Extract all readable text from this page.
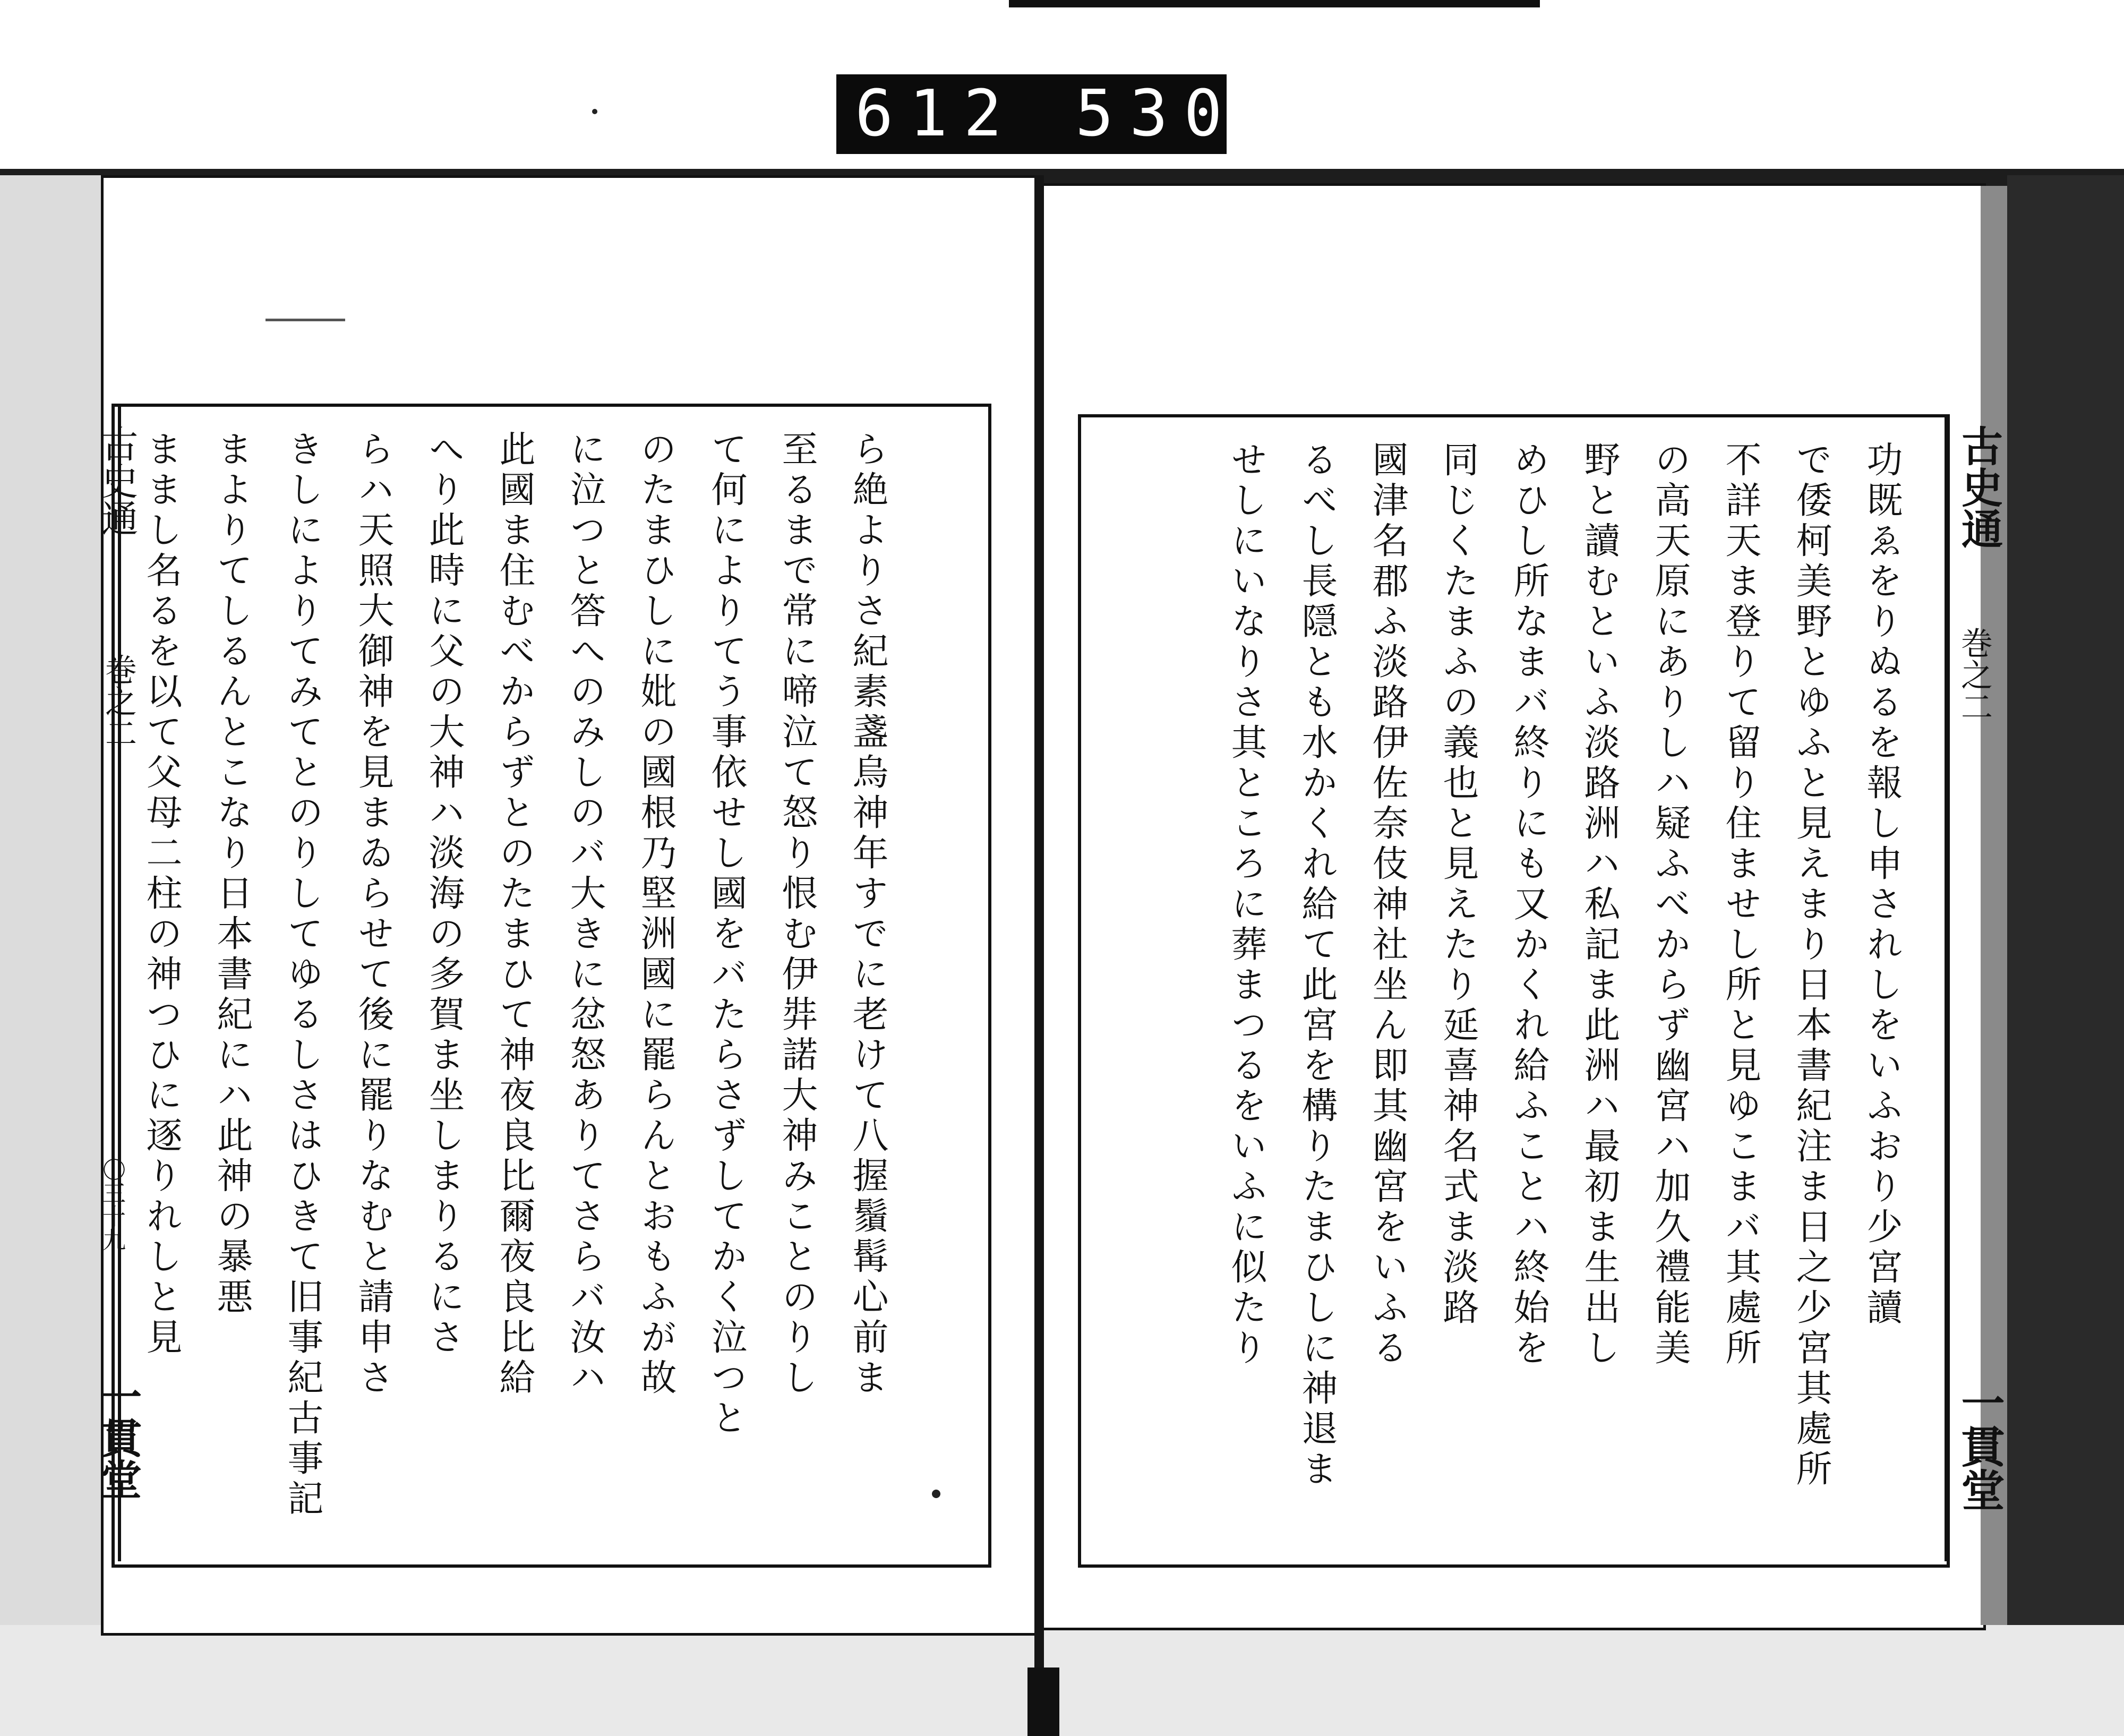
612 530.
古史通
巻之二
〇三十九
一貫堂
古史通
巻之二
一貫堂
ら絶よりさ紀素盞烏神年すでに老けて八握鬚髯心前ま
至るまで常に啼泣て怒り恨む伊弉諾大神みことのりし
て何によりてう事依せし國をバたらさずしてかく泣つと
のたまひしに妣の國根乃堅洲國に罷らんとおもふが故
に泣つと答へのみしのバ大きに忿怒ありてさらバ汝ハ
此國ま住むべからずとのたまひて神夜良比爾夜良比給
へり此時に父の大神ハ淡海の多賀ま坐しまりるにさ
らハ天照大御神を見まゐらせて後に罷りなむと請申さ
きしによりてみてとのりしてゆるしさはひきて旧事紀古事記
まよりてしるんとこなり日本書紀にハ此神の暴悪
ままし名るを以て父母二柱の神つひに逐りれしと見	功既ゑをりぬるを報し申されしをいふおり少宮讀
で倭柯美野とゆふと見えまり日本書紀注ま日之少宮其處所
不詳天ま登りて留り住ませし所と見ゆこまバ其處所
の高天原にありしハ疑ふべからず幽宮ハ加久禮能美
野と讀むといふ淡路洲ハ私記ま此洲ハ最初ま生出し
めひし所なまバ終りにも又かくれ給ふことハ終始を
同じくたまふの義也と見えたり延喜神名式ま淡路
國津名郡ふ淡路伊佐奈伎神社坐ん即其幽宮をいふる
るべし長隠とも水かくれ給て此宮を構りたまひしに神退ま
せしにいなりさ其ところに葬まつるをいふに似たり
